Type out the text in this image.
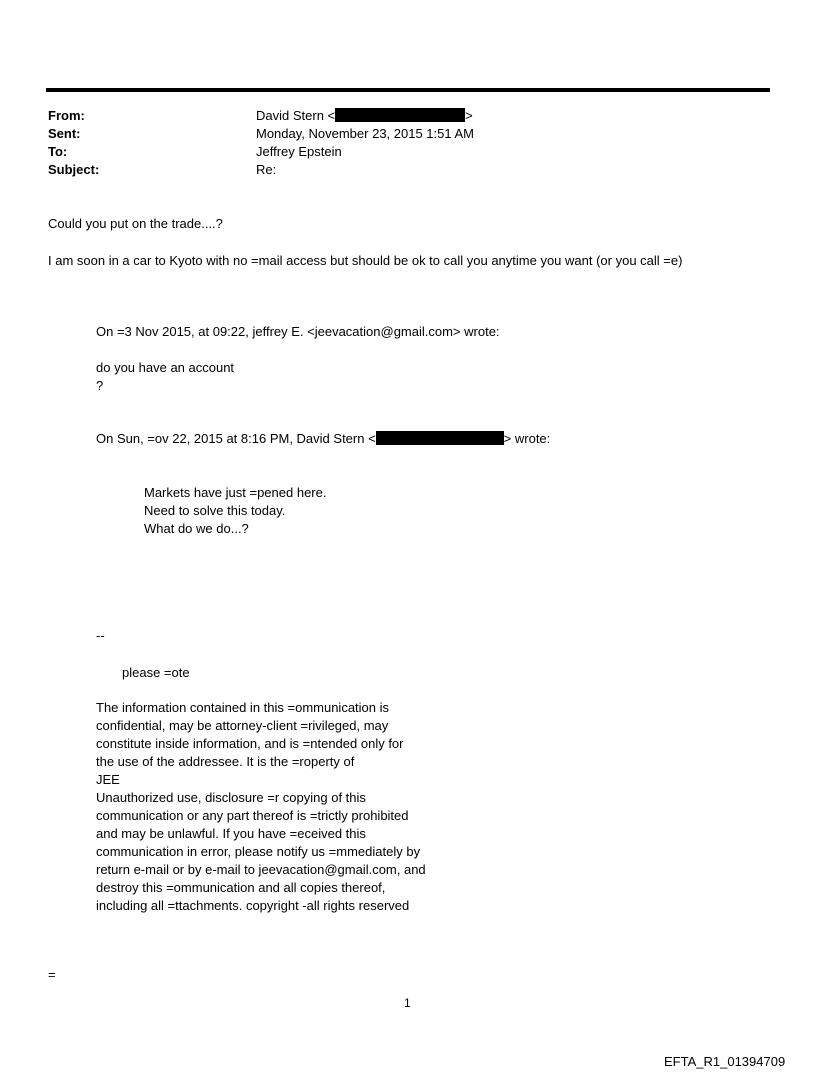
From:	David Stern <	>
Sent:	Monday, November 23, 2015 1:51 AM
To:	Jeffrey Epstein
Subject:	Re:
Could you put on the trade....?
I am soon in a car to Kyoto with no =mail access but should be ok to call you anytime you want (or you call =e)
On =3 Nov 2015, at 09:22, jeffrey E. <jeevacation@gmail.com> wrote:
do you have an account
?
On Sun, =ov 22, 2015 at 8:16 PM, David Stern <	> wrote:
Markets have just =pened here.
Need to solve this today.
What do we do...?
--
please =ote
The information contained in this =ommunication is
confidential, may be attorney-client =rivileged, may
constitute inside information, and is =ntended only for
the use of the addressee. It is the =roperty of
JEE
Unauthorized use, disclosure =r copying of this
communication or any part thereof is =trictly prohibited
and may be unlawful. If you have =eceived this
communication in error, please notify us =mmediately by
return e-mail or by e-mail to jeevacation@gmail.com, and
destroy this =ommunication and all copies thereof,
including all =ttachments. copyright -all rights reserved
=
1
EFTA_R1_01394709
